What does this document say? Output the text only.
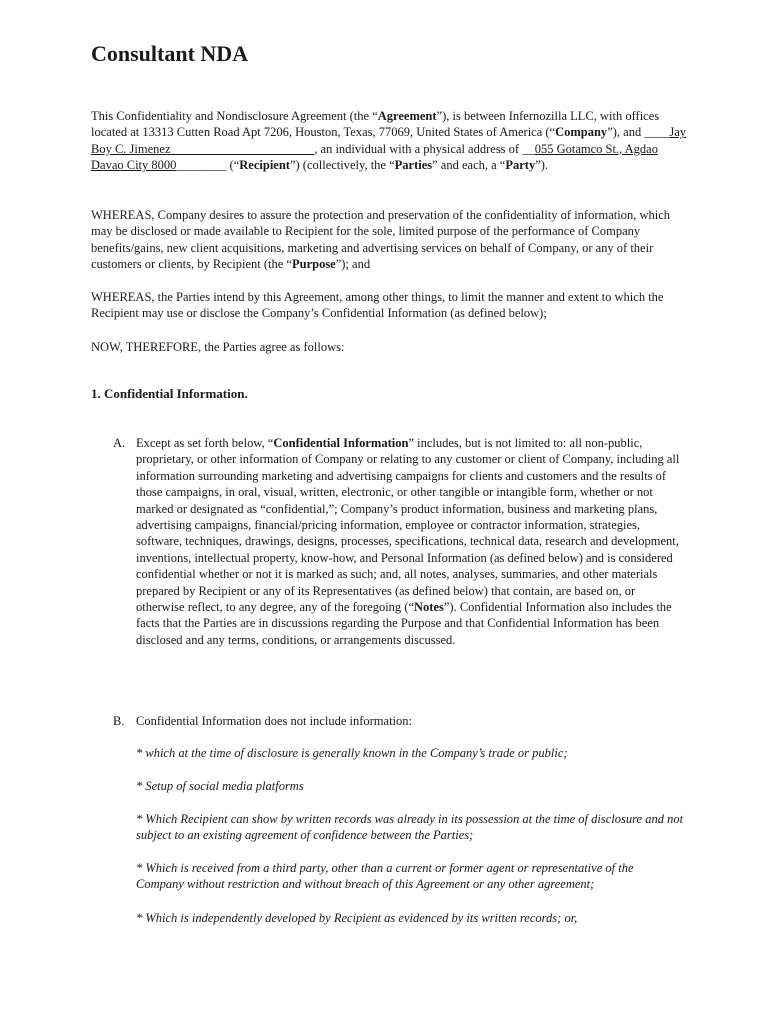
Consultant NDA

This Confidentiality and Nondisclosure Agreement (the “Agreement”), is between Infernozilla LLC, with offices located at 13313 Cutten Road Apt 7206, Houston, Texas, 77069, United States of America (“Company”), and ____Jay Boy C. Jimenez_______________________, an individual with a physical address of __055 Gotamco St., Agdao Davao City 8000________ (“Recipient”) (collectively, the “Parties” and each, a “Party”).

WHEREAS, Company desires to assure the protection and preservation of the confidentiality of information, which may be disclosed or made available to Recipient for the sole, limited purpose of the performance of Company benefits/gains, new client acquisitions, marketing and advertising services on behalf of Company, or any of their customers or clients, by Recipient (the “Purpose”); and

WHEREAS, the Parties intend by this Agreement, among other things, to limit the manner and extent to which the Recipient may use or disclose the Company’s Confidential Information (as defined below);

NOW, THEREFORE, the Parties agree as follows:

1. Confidential Information.
A. Except as set forth below, “Confidential Information” includes, but is not limited to: all non-public, proprietary, or other information of Company or relating to any customer or client of Company, including all information surrounding marketing and advertising campaigns for clients and customers and the results of those campaigns, in oral, visual, written, electronic, or other tangible or intangible form, whether or not marked or designated as “confidential,”; Company’s product information, business and marketing plans, advertising campaigns, financial/pricing information, employee or contractor information, strategies, software, techniques, drawings, designs, processes, specifications, technical data, research and development, inventions, intellectual property, know-how, and Personal Information (as defined below) and is considered confidential whether or not it is marked as such; and, all notes, analyses, summaries, and other materials prepared by Recipient or any of its Representatives (as defined below) that contain, are based on, or otherwise reflect, to any degree, any of the foregoing (“Notes”). Confidential Information also includes the facts that the Parties are in discussions regarding the Purpose and that Confidential Information has been disclosed and any terms, conditions, or arrangements discussed.

B. Confidential Information does not include information:

* which at the time of disclosure is generally known in the Company’s trade or public;

* Setup of social media platforms

* Which Recipient can show by written records was already in its possession at the time of disclosure and not subject to an existing agreement of confidence between the Parties;

* Which is received from a third party, other than a current or former agent or representative of the Company without restriction and without breach of this Agreement or any other agreement;

* Which is independently developed by Recipient as evidenced by its written records; or,
